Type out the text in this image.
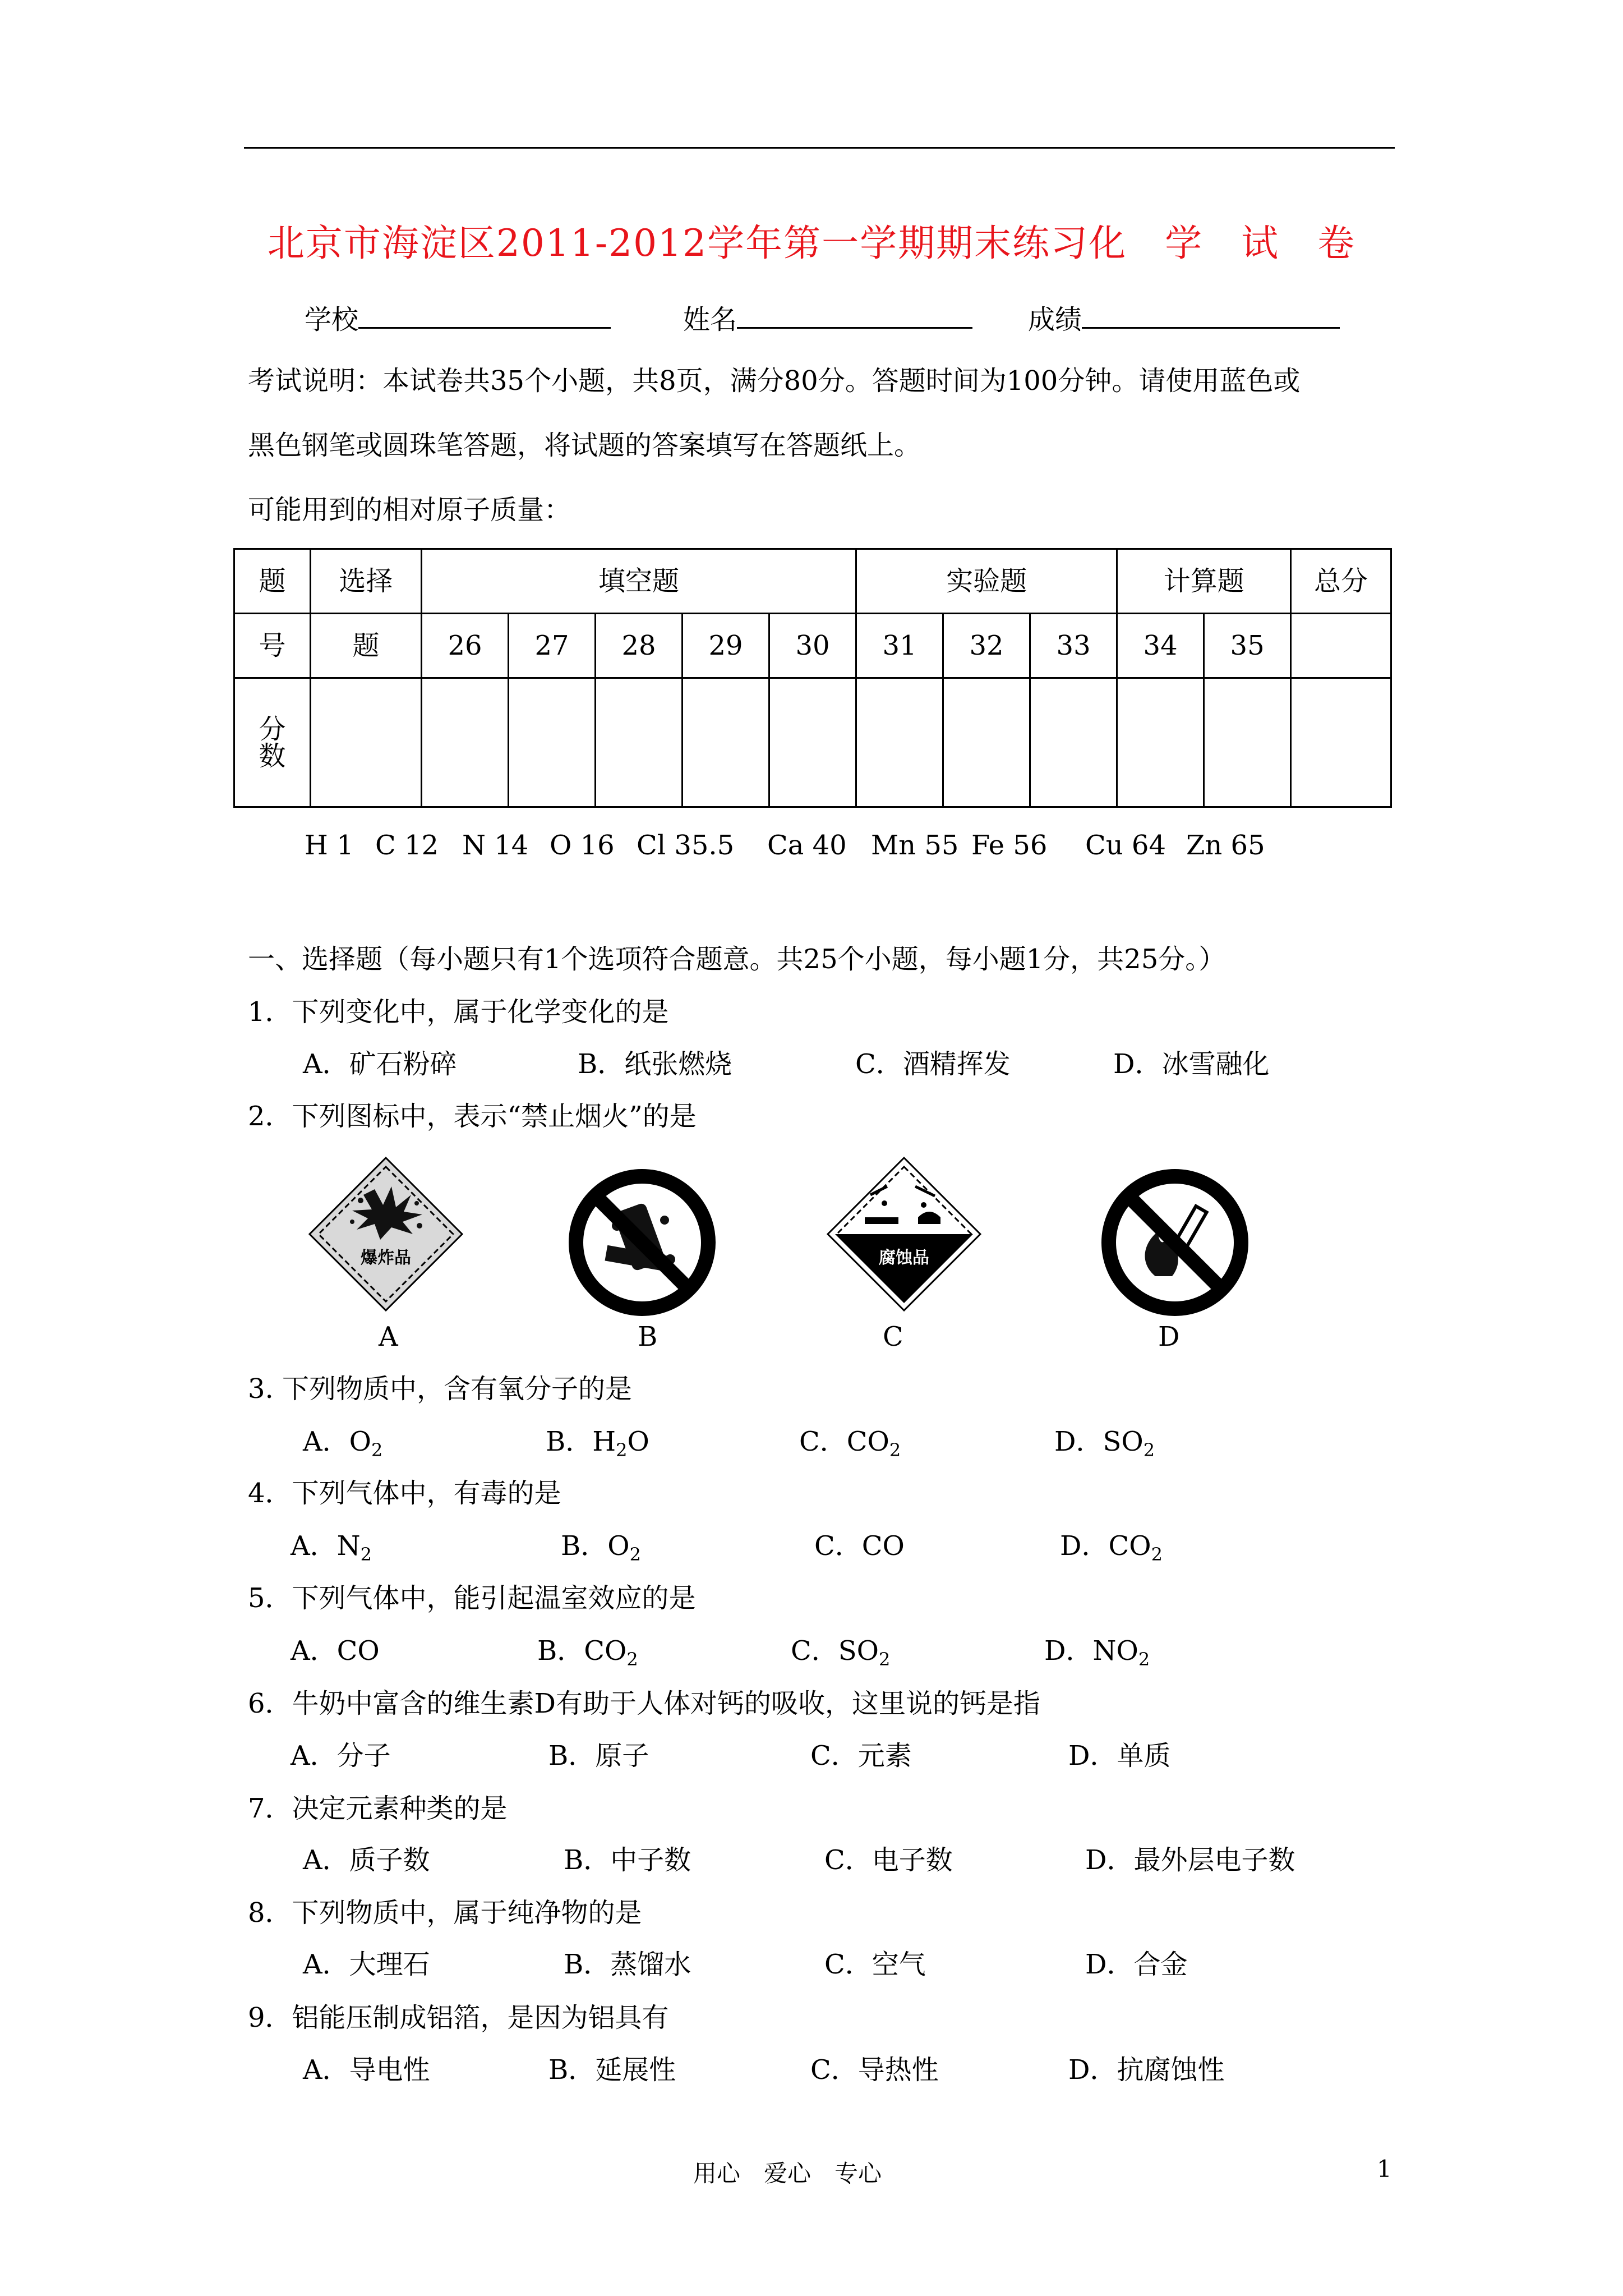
北京市海淀区2011-2012学年第一学期期末练习化　学　试　卷
学校	姓名	成绩
考试说明：本试卷共35个小题，共8页，满分80分。答题时间为100分钟。请使用蓝色或
黑色钢笔或圆珠笔答题，将试题的答案填写在答题纸上。
可能用到的相对原子质量：
题	选择	填空题					实验题			计算题		总分
号	题	26	27	28	29	30	31	32	33	34	35	
分
数												
H 1 C 12 N 14 O 16 Cl 35.5 Ca 40 Mn 55 Fe 56 Cu 64 Zn 65
一、选择题（每小题只有1个选项符合题意。共25个小题，每小题1分，共25分。）
1．下列变化中，属于化学变化的是
A．矿石粉碎	B．纸张燃烧	C．酒精挥发	D．冰雪融化
2．下列图标中，表示“禁止烟火”的是
爆炸品	腐蚀品
A	B	C	D
3. 下列物质中，含有氧分子的是
A．$O_2$	B．$H_2O$	C．$CO_2$	D．$SO_2$
4．下列气体中，有毒的是
A．$N_2$	B．$O_2$	C．CO	D．$CO_2$
5．下列气体中，能引起温室效应的是
A．CO	B．$CO_2$	C．$SO_2$	D．$NO_2$
6．牛奶中富含的维生素D有助于人体对钙的吸收，这里说的钙是指
A．分子	B．原子	C．元素	D．单质
7．决定元素种类的是
A．质子数	B．中子数	C．电子数	D．最外层电子数
8．下列物质中，属于纯净物的是
A．大理石	B．蒸馏水	C．空气	D．合金
9．铝能压制成铝箔，是因为铝具有
A．导电性	B．延展性	C．导热性	D．抗腐蚀性
用心　爱心　专心	1
